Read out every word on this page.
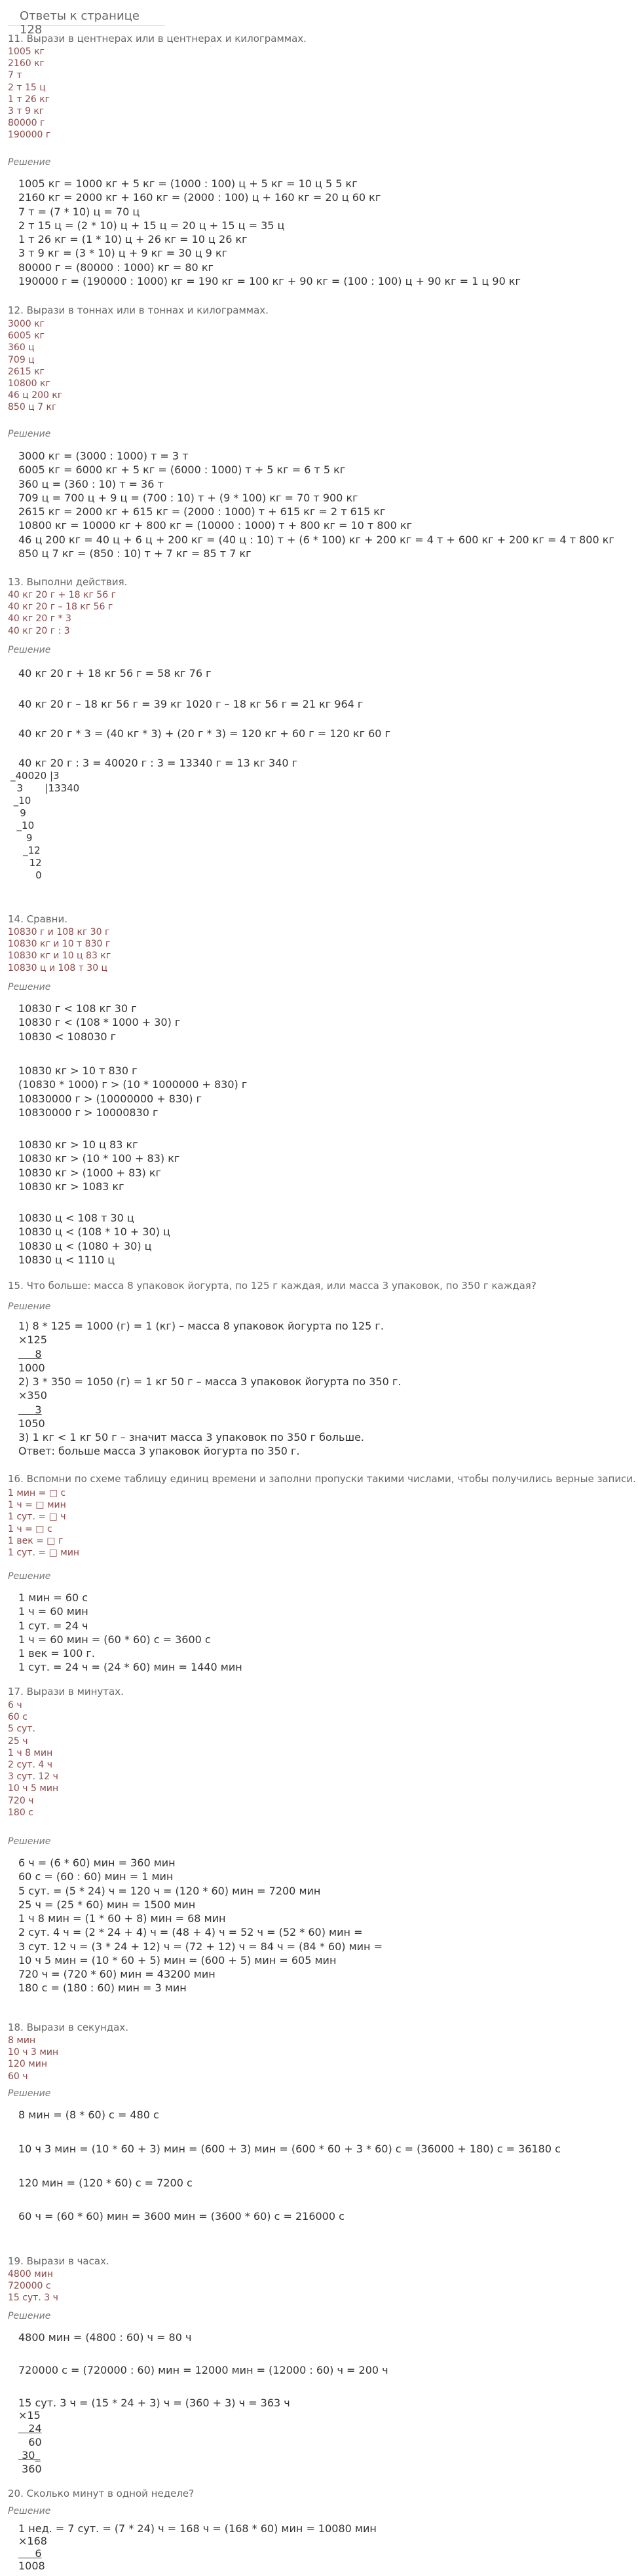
Ответы к странице 128
11. Вырази в центнерах или в центнерах и килограммах.
1005 кг
2160 кг
7 т
2 т 15 ц
1 т 26 кг
3 т 9 кг
80000 г
190000 г
Решение
1005 кг = 1000 кг + 5 кг = (1000 : 100) ц + 5 кг = 10 ц 5 5 кг
2160 кг = 2000 кг + 160 кг = (2000 : 100) ц + 160 кг = 20 ц 60 кг
7 т = (7 * 10) ц = 70 ц
2 т 15 ц = (2 * 10) ц + 15 ц = 20 ц + 15 ц = 35 ц
1 т 26 кг = (1 * 10) ц + 26 кг = 10 ц 26 кг
3 т 9 кг = (3 * 10) ц + 9 кг = 30 ц 9 кг
80000 г = (80000 : 1000) кг = 80 кг
190000 г = (190000 : 1000) кг = 190 кг = 100 кг + 90 кг = (100 : 100) ц + 90 кг = 1 ц 90 кг
12. Вырази в тоннах или в тоннах и килограммах.
3000 кг
6005 кг
360 ц
709 ц
2615 кг
10800 кг
46 ц 200 кг
850 ц 7 кг
Решение
3000 кг = (3000 : 1000) т = 3 т
6005 кг = 6000 кг + 5 кг = (6000 : 1000) т + 5 кг = 6 т 5 кг
360 ц = (360 : 10) т = 36 т
709 ц = 700 ц + 9 ц = (700 : 10) т + (9 * 100) кг = 70 т 900 кг
2615 кг = 2000 кг + 615 кг = (2000 : 1000) т + 615 кг = 2 т 615 кг
10800 кг = 10000 кг + 800 кг = (10000 : 1000) т + 800 кг = 10 т 800 кг
46 ц 200 кг = 40 ц + 6 ц + 200 кг = (40 ц : 10) т + (6 * 100) кг + 200 кг = 4 т + 600 кг + 200 кг = 4 т 800 кг
850 ц 7 кг = (850 : 10) т + 7 кг = 85 т 7 кг
13. Выполни действия.
40 кг 20 г + 18 кг 56 г
40 кг 20 г – 18 кг 56 г
40 кг 20 г * 3
40 кг 20 г : 3
Решение
40 кг 20 г + 18 кг 56 г = 58 кг 76 г
40 кг 20 г – 18 кг 56 г = 39 кг 1020 г – 18 кг 56 г = 21 кг 964 г
40 кг 20 г * 3 = (40 кг * 3) + (20 г * 3) = 120 кг + 60 г = 120 кг 60 г
40 кг 20 г : 3 = 40020 г : 3 = 13340 г = 13 кг 340 г
_40020 |3
3       |13340
_10
9
_10
9
_12
12
0
14. Сравни.
10830 г и 108 кг 30 г
10830 кг и 10 т 830 г
10830 кг и 10 ц 83 кг
10830 ц и 108 т 30 ц
Решение
10830 г < 108 кг 30 г
10830 г < (108 * 1000 + 30) г
10830 < 108030 г
10830 кг > 10 т 830 г
(10830 * 1000) г > (10 * 1000000 + 830) г
10830000 г > (10000000 + 830) г
10830000 г > 10000830 г
10830 кг > 10 ц 83 кг
10830 кг > (10 * 100 + 83) кг
10830 кг > (1000 + 83) кг
10830 кг > 1083 кг
10830 ц < 108 т 30 ц
10830 ц < (108 * 10 + 30) ц
10830 ц < (1080 + 30) ц
10830 ц < 1110 ц
15. Что больше: масса 8 упаковок йогурта, по 125 г каждая, или масса 3 упаковок, по 350 г каждая?
Решение
1) 8 * 125 = 1000 (г) = 1 (кг) – масса 8 упаковок йогурта по 125 г.
×125
8
1000
2) 3 * 350 = 1050 (г) = 1 кг 50 г – масса 3 упаковок йогурта по 350 г.
×350
3
1050
3) 1 кг < 1 кг 50 г – значит масса 3 упаковок по 350 г больше.
Ответ: больше масса 3 упаковок йогурта по 350 г.
16. Вспомни по схеме таблицу единиц времени и заполни пропуски такими числами, чтобы получились верные записи.
1 мин = □ с
1 ч = □ мин
1 сут. = □ ч
1 ч = □ с
1 век = □ г
1 сут. = □ мин
Решение
1 мин = 60 с
1 ч = 60 мин
1 сут. = 24 ч
1 ч = 60 мин = (60 * 60) с = 3600 с
1 век = 100 г.
1 сут. = 24 ч = (24 * 60) мин = 1440 мин
17. Вырази в минутах.
6 ч
60 с
5 сут.
25 ч
1 ч 8 мин
2 сут. 4 ч
3 сут. 12 ч
10 ч 5 мин
720 ч
180 с
Решение
6 ч = (6 * 60) мин = 360 мин
60 с = (60 : 60) мин = 1 мин
5 сут. = (5 * 24) ч = 120 ч = (120 * 60) мин = 7200 мин
25 ч = (25 * 60) мин = 1500 мин
1 ч 8 мин = (1 * 60 + 8) мин = 68 мин
2 сут. 4 ч = (2 * 24 + 4) ч = (48 + 4) ч = 52 ч = (52 * 60) мин =
3 сут. 12 ч = (3 * 24 + 12) ч = (72 + 12) ч = 84 ч = (84 * 60) мин =
10 ч 5 мин = (10 * 60 + 5) мин = (600 + 5) мин = 605 мин
720 ч = (720 * 60) мин = 43200 мин
180 с = (180 : 60) мин = 3 мин
18. Вырази в секундах.
8 мин
10 ч 3 мин
120 мин
60 ч
Решение
8 мин = (8 * 60) с = 480 с
10 ч 3 мин = (10 * 60 + 3) мин = (600 + 3) мин = (600 * 60 + 3 * 60) с = (36000 + 180) с = 36180 с
120 мин = (120 * 60) с = 7200 с
60 ч = (60 * 60) мин = 3600 мин = (3600 * 60) с = 216000 с
19. Вырази в часах.
4800 мин
720000 с
15 сут. 3 ч
Решение
4800 мин = (4800 : 60) ч = 80 ч
720000 с = (720000 : 60) мин = 12000 мин = (12000 : 60) ч = 200 ч
15 сут. 3 ч = (15 * 24 + 3) ч = (360 + 3) ч = 363 ч
×15
24
60
30_
360
20. Сколько минут в одной неделе?
Решение
1 нед. = 7 сут. = (7 * 24) ч = 168 ч = (168 * 60) мин = 10080 мин
×168
6
1008
